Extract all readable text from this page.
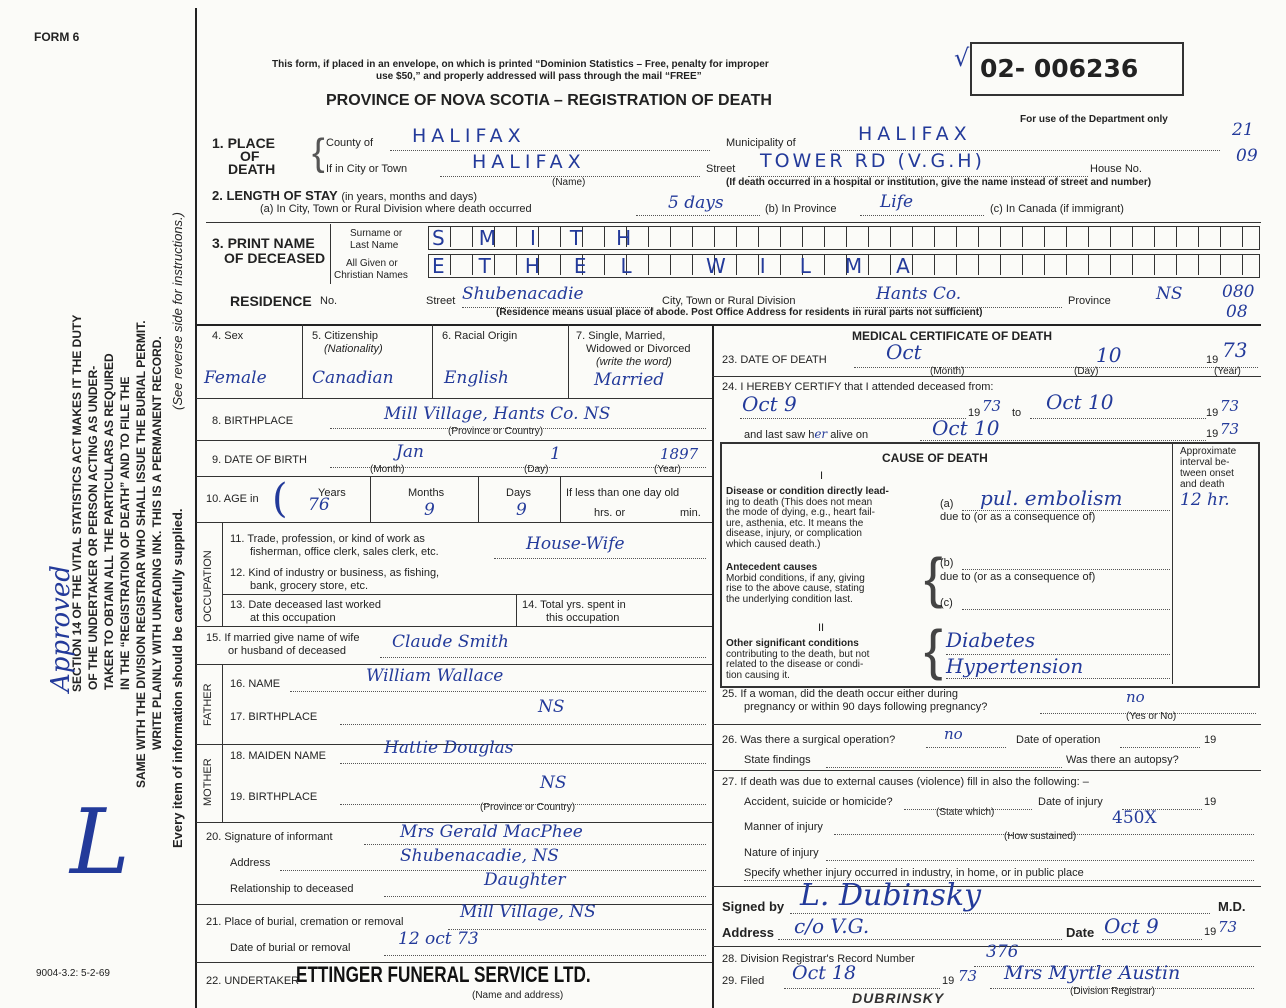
FORM 6
9004-3.2: 5-2-69
SECTION 14 OF THE VITAL STATISTICS ACT MAKES IT THE DUTY OF THE UNDERTAKER OR PERSON ACTING AS UNDER- TAKER TO OBTAIN ALL THE PARTICULARS AS REQUIRED IN THE “REGISTRATION OF DEATH” AND TO FILE THE SAME WITH THE DIVISION REGISTRAR WHO SHALL ISSUE THE BURIAL PERMIT. WRITE PLAINLY WITH UNFADING INK. THIS IS A PERMANENT RECORD.
(See reverse side for instructions.)
Every item of information should be carefully supplied.
Approved
L
This form, if placed in an envelope, on which is printed “Dominion Statistics – Free, penalty for improper
use $50,” and properly addressed will pass through the mail “FREE”
PROVINCE OF NOVA SCOTIA – REGISTRATION OF DEATH
02- 006236
√
For use of the Department only
21
09
080
08
1. PLACE
OF
DEATH { County of HALIFAX	Municipality of	HALIFAX
If in City or Town	HALIFAX
(Name)
Street TOWER RD (V.G.H)	House No.
(If death occurred in a hospital or institution, give the name instead of street and number)
2. LENGTH OF STAY (in years, months and days)
(a) In City, Town or Rural Division where death occurred	5 days	(b) In Province	Life	(c) In Canada (if immigrant)
3. PRINT NAME
OF DECEASED
Surname or
Last Name
All Given or
Christian Names
SMITH
ETHEL WILMA
RESIDENCE No.	Street Shubenacadie	City, Town or Rural Division	Hants Co.	Province	NS
(Residence means usual place of abode. Post Office Address for residents in rural parts not sufficient)
4. Sex
Female
5. Citizenship
(Nationality)
Canadian
6. Racial Origin
English
7. Single, Married,
Widowed or Divorced
(write the word)
Married
8. BIRTHPLACE	Mill Village, Hants Co. NS
(Province or Country)
9. DATE OF BIRTH	Jan	1	1897
(Month)	(Day)	(Year)
10. AGE in (	Years
76
Months
9
Days
9
If less than one day old
hrs. or	min.
OCCUPATION
11. Trade, profession, or kind of work as
fisherman, office clerk, sales clerk, etc.	House-Wife
12. Kind of industry or business, as fishing,
bank, grocery store, etc.
13. Date deceased last worked
at this occupation
14. Total yrs. spent in
this occupation
15. If married give name of wife
or husband of deceased	Claude Smith
FATHER 16. NAME	William Wallace
17. BIRTHPLACE	NS
MOTHER
18. MAIDEN NAME	Hattie Douglas
19. BIRTHPLACE
NS
(Province or Country)
20. Signature of informant	Mrs Gerald MacPhee
Address	Shubenacadie, NS
Relationship to deceased	Daughter
21. Place of burial, cremation or removal	Mill Village, NS
Date of burial or removal	12 oct 73
22. UNDERTAKER
ETTINGER FUNERAL SERVICE LTD.
(Name and address)
MEDICAL CERTIFICATE OF DEATH
23. DATE OF DEATH	Oct	10	19 73
(Month)	(Day)	(Year)
24. I HEREBY CERTIFY that I attended deceased from:
Oct 9	19 73 to Oct 10	19 73
and last saw her alive on	Oct 10	19 73
CAUSE OF DEATH	Approximate
interval be-
tween onset
and death
I
Disease or condition directly lead-
ing to death (This does not mean
the mode of dying, e.g., heart fail-
ure, asthenia, etc. It means the
disease, injury, or complication
which caused death.)
(a) pul. embolism	12 hr.
due to (or as a consequence of)
Antecedent causes
Morbid conditions, if any, giving
rise to the above cause, stating
the underlying condition last. {
(b)
due to (or as a consequence of)
(c)
II
Other significant conditions
contributing to the death, but not
related to the disease or condi-
tion causing it.	{ Diabetes
Hypertension
25. If a woman, did the death occur either during
pregnancy or within 90 days following pregnancy?
no
(Yes or No)
26. Was there a surgical operation?	no	Date of operation	19
State findings	Was there an autopsy?
27. If death was due to external causes (violence) fill in also the following: –
Accident, suicide or homicide?
(State which)
Date of injury	19
Manner of injury
(How sustained)
450X
Nature of injury
Specify whether injury occurred in industry, in home, or in public place
Signed by L. Dubinsky	M.D.
Address c/o V.G.	Date Oct 9	19 73
28. Division Registrar's Record Number	376
29. Filed Oct 18	19 73 Mrs Myrtle Austin
(Division Registrar)
DUBRINSKY
